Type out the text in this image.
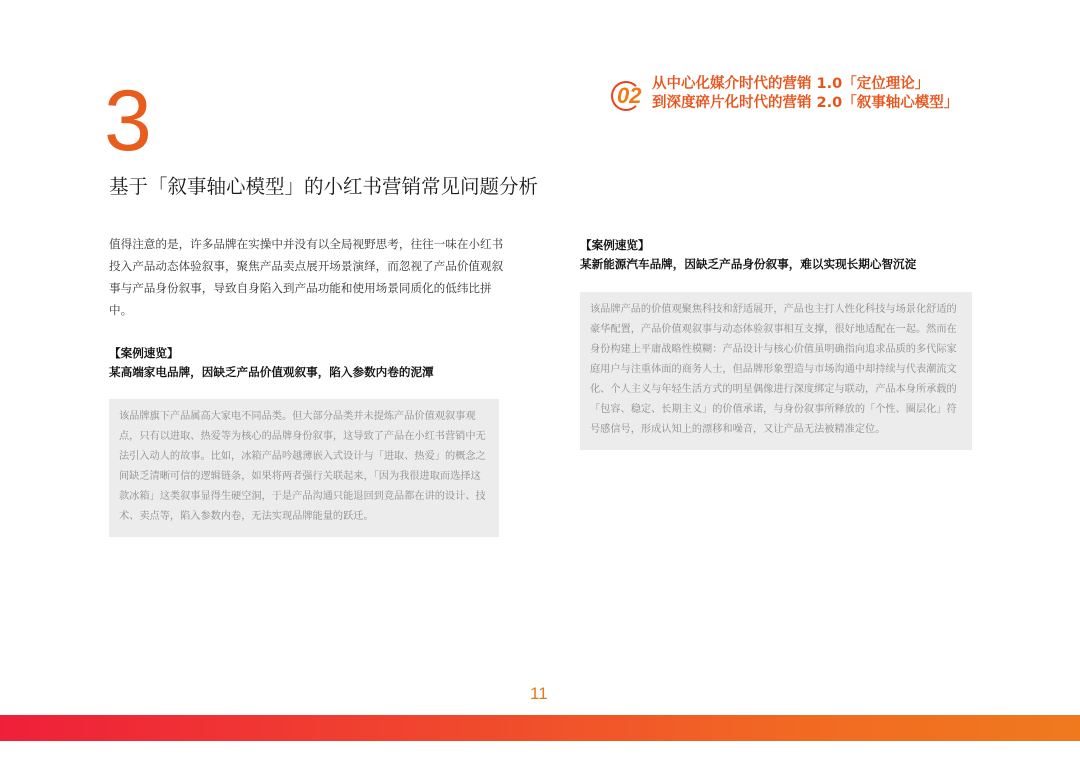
3	02 从中心化媒介时代的营销 1.0「定位理论」
到深度碎片化时代的营销 2.0「叙事轴心模型」
基于「叙事轴心模型」的小红书营销常见问题分析
值得注意的是，许多品牌在实操中并没有以全局视野思考，往往一味在小红书投入产品动态体验叙事，聚焦产品卖点展开场景演绎，而忽视了产品价值观叙事与产品身份叙事，导致自身陷入到产品功能和使用场景同质化的低纬比拼中。
【案例速览】
某高端家电品牌，因缺乏产品价值观叙事，陷入参数内卷的泥潭
该品牌旗下产品属高大家电不同品类。但大部分品类并未提炼产品价值观叙事观点，只有以进取、热爱等为核心的品牌身份叙事，这导致了产品在小红书营销中无法引入动人的故事。比如，冰箱产品吟越薄嵌入式设计与「进取、热爱」的概念之间缺乏清晰可信的逻辑链条，如果将两者强行关联起来，「因为我很进取而选择这款冰箱」这类叙事显得生硬空洞，于是产品沟通只能退回到竞品都在讲的设计、技术、卖点等，陷入参数内卷，无法实现品牌能量的跃迁。
【案例速览】
某新能源汽车品牌，因缺乏产品身份叙事，难以实现长期心智沉淀
该品牌产品的价值观聚焦科技和舒适展开，产品也主打人性化科技与场景化舒适的豪华配置，产品价值观叙事与动态体验叙事相互支撑，很好地适配在一起。然而在身份构建上平庸战略性模糊：产品设计与核心价值虽明确指向追求品质的多代际家庭用户与注重体面的商务人士，但品牌形象塑造与市场沟通中却持续与代表潮流文化、个人主义与年轻生活方式的明星偶像进行深度绑定与联动，产品本身所承载的「包容、稳定、长期主义」的价值承诺，与身份叙事所释放的「个性、圈层化」符号感信号，形成认知上的漂移和噪音，又让产品无法被精准定位。
11
